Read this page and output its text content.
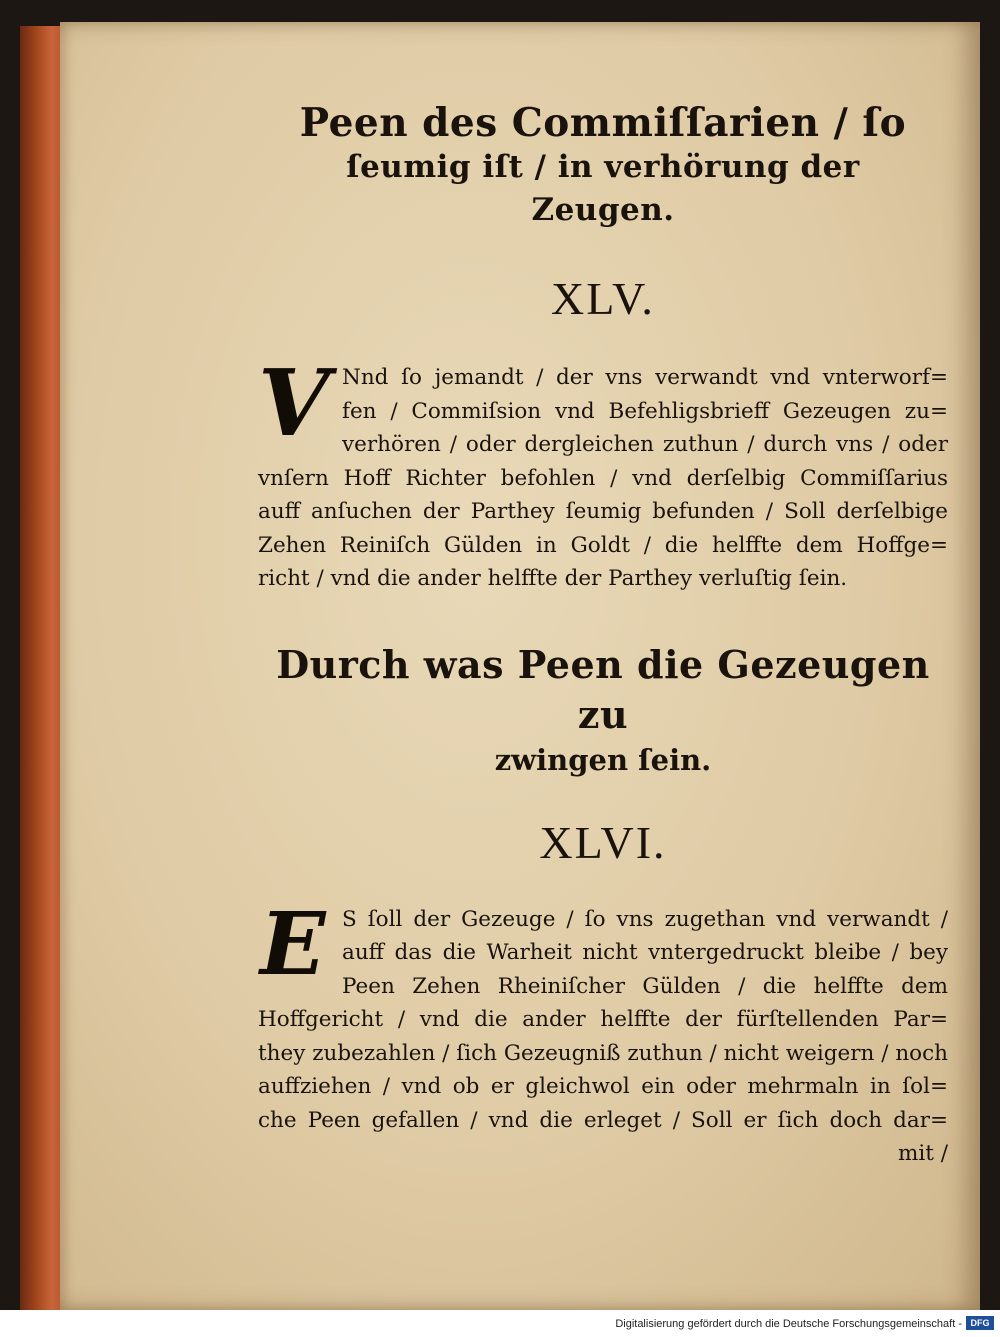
Peen des Commiſſarien / ſo

ſeumig iſt / in verhörung der

Zeugen.

XLV.

V Nnd ſo jemandt / der vns verwandt vnd vnterworf=
fen / Commiſsion vnd Befehligsbrieff Gezeugen zu=
verhören / oder dergleichen zuthun / durch vns / oder
vnſern Hoff Richter befohlen / vnd derſelbig Commiſſarius
auff anſuchen der Parthey ſeumig befunden / Soll derſelbige
Zehen Reiniſch Gülden in Goldt / die helffte dem Hoffge=
richt / vnd die ander helffte der Parthey verluſtig ſein.

Durch was Peen die Gezeugen zu

zwingen ſein.

XLVI.

E S ſoll der Gezeuge / ſo vns zugethan vnd verwandt /
auff das die Warheit nicht vntergedruckt bleibe / bey
Peen Zehen Rheiniſcher Gülden / die helffte dem
Hoffgericht / vnd die ander helffte der fürſtellenden Par=
they zubezahlen / ſich Gezeugniß zuthun / nicht weigern / noch
auffziehen / vnd ob er gleichwol ein oder mehrmaln in ſol=
che Peen gefallen / vnd die erleget / Soll er ſich doch dar=
mit /
Digitalisierung gefördert durch die Deutsche Forschungsgemeinschaft - DFG
